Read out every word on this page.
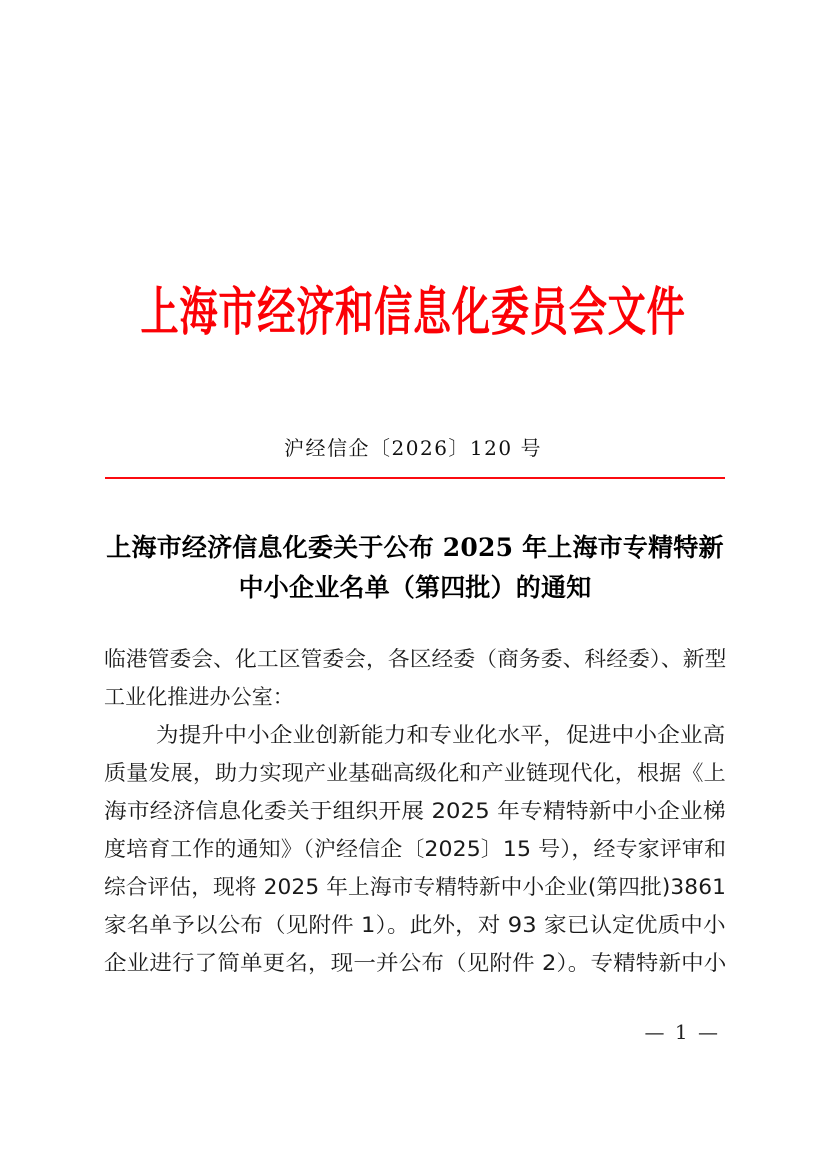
上海市经济和信息化委员会文件
沪经信企〔2026〕120 号
上海市经济信息化委关于公布 2025 年上海市专精特新
中小企业名单（第四批）的通知
临港管委会、化工区管委会，各区经委（商务委、科经委）、新型 工业化推进办公室： 为提升中小企业创新能力和专业化水平，促进中小企业高 质量发展，助力实现产业基础高级化和产业链现代化，根据《上 海市经济信息化委关于组织开展 2025 年专精特新中小企业梯 度培育工作的通知》（沪经信企〔2025〕15 号），经专家评审和 综合评估，现将 2025 年上海市专精特新中小企业(第四批)3861 家名单予以公布（见附件 1）。此外，对 93 家已认定优质中小 企业进行了简单更名，现一并公布（见附件 2）。专精特新中小
— 1 —
